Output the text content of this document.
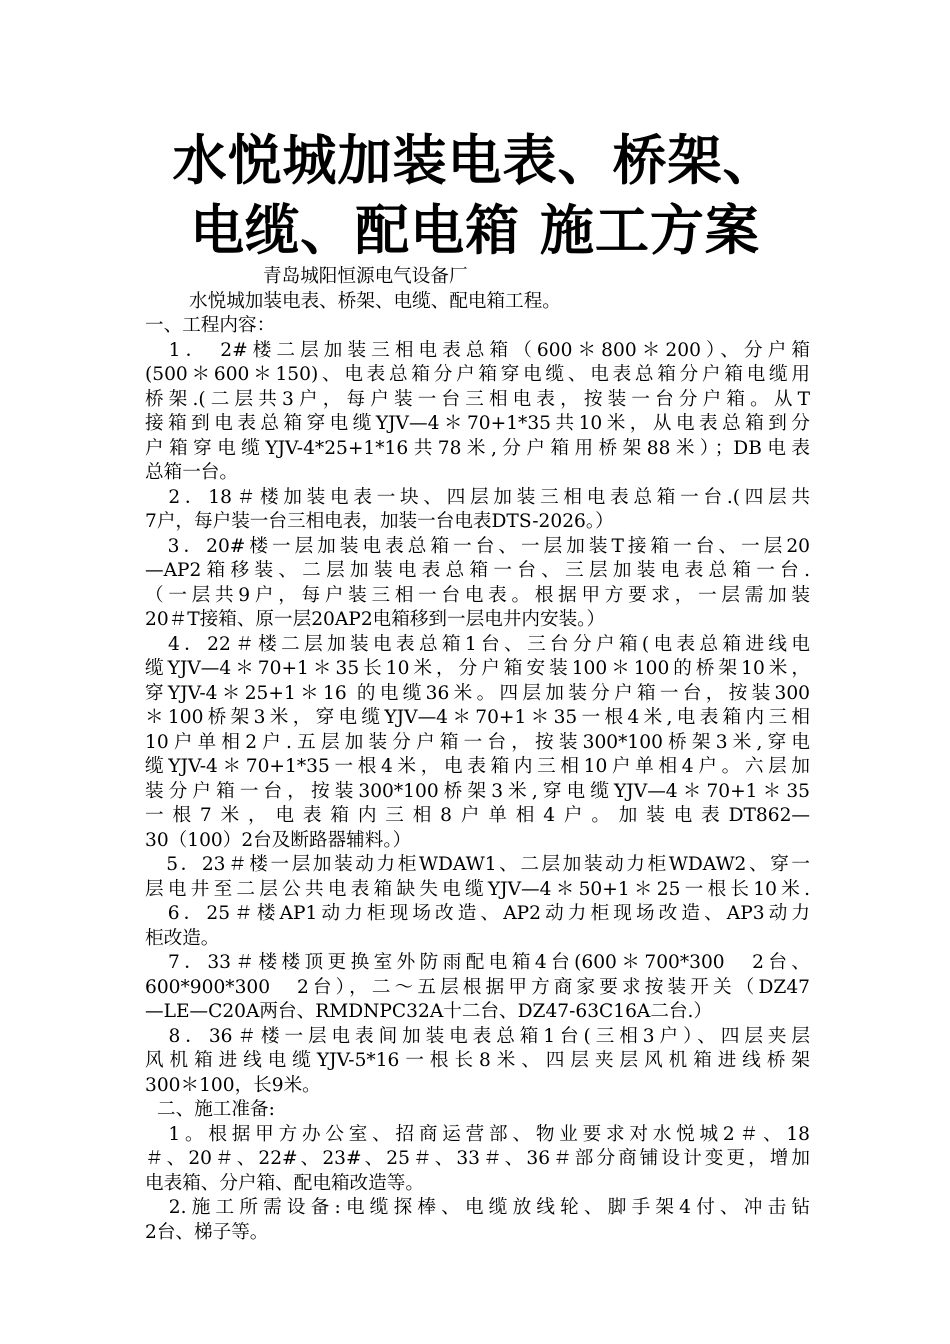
水悦城加装电表、桥架、
电缆、配电箱 施工方案

青岛城阳恒源电气设备厂

水悦城加装电表、桥架、电缆、配电箱工程。

一、工程内容：

　1． 2#楼二层加装三相电表总箱（600＊800＊200）、分户箱

(500＊600＊150)、电表总箱分户箱穿电缆、电表总箱分户箱电缆用

桥架.(二层共3户，每户装一台三相电表，按装一台分户箱。从T

接箱到电表总箱穿电缆YJV—4＊70+1*35共10米，从电表总箱到分

户箱穿电缆YJV-4*25+1*16共78米,分户箱用桥架88米）；DB电表

总箱一台。

　2．18＃楼加装电表一块、四层加装三相电表总箱一台.(四层共

7户，每户装一台三相电表，加装一台电表DTS-2026。）

　3．20#楼一层加装电表总箱一台、一层加装T接箱一台、一层20

—AP2箱移装、二层加装电表总箱一台、三层加装电表总箱一台.

（一层共9户，每户装三相一台电表。根据甲方要求，一层需加装

20＃T接箱、原一层20AP2电箱移到一层电井内安装。）

　4．22＃楼二层加装电表总箱1台、三台分户箱(电表总箱进线电

缆YJV—4＊70+1＊35长10米，分户箱安装100＊100的桥架10米，

穿YJV-4＊25+1＊16 的电缆36米。四层加装分户箱一台，按装300

＊100桥架3米，穿电缆YJV—4＊70+1＊35一根4米,电表箱内三相

10户单相2户.五层加装分户箱一台，按装300*100桥架3米,穿电

缆YJV-4＊70+1*35一根4米，电表箱内三相10户单相4户。六层加

装分户箱一台，按装300*100桥架3米,穿电缆YJV—4＊70+1＊35

一根7米，电表箱内三相8户单相4户。加装电表DT862—

30（100）2台及断路器辅料。）

　5．23＃楼一层加装动力柜WDAW1、二层加装动力柜WDAW2、穿一

层电井至二层公共电表箱缺失电缆YJV—4＊50+1＊25一根长10米.

　6．25＃楼AP1动力柜现场改造、AP2动力柜现场改造、AP3动力

柜改造。

　7．33＃楼楼顶更换室外防雨配电箱4台(600＊700*300　2台、

600*900*300　2台），二～五层根据甲方商家要求按装开关（DZ47

—LE—C20A两台、RMDNPC32A十二台、DZ47-63C16A二台.）

　8．36＃楼一层电表间加装电表总箱1台(三相3户）、四层夹层

风机箱进线电缆YJV-5*16一根长8米、四层夹层风机箱进线桥架

300＊100，长9米。

二、施工准备:

　1。根据甲方办公室、招商运营部、物业要求对水悦城2＃、18

＃、20＃、22#、23#、25＃、33＃、36＃部分商铺设计变更，增加

电表箱、分户箱、配电箱改造等。

　2.施工所需设备:电缆探棒、电缆放线轮、脚手架4付、冲击钻

2台、梯子等。
